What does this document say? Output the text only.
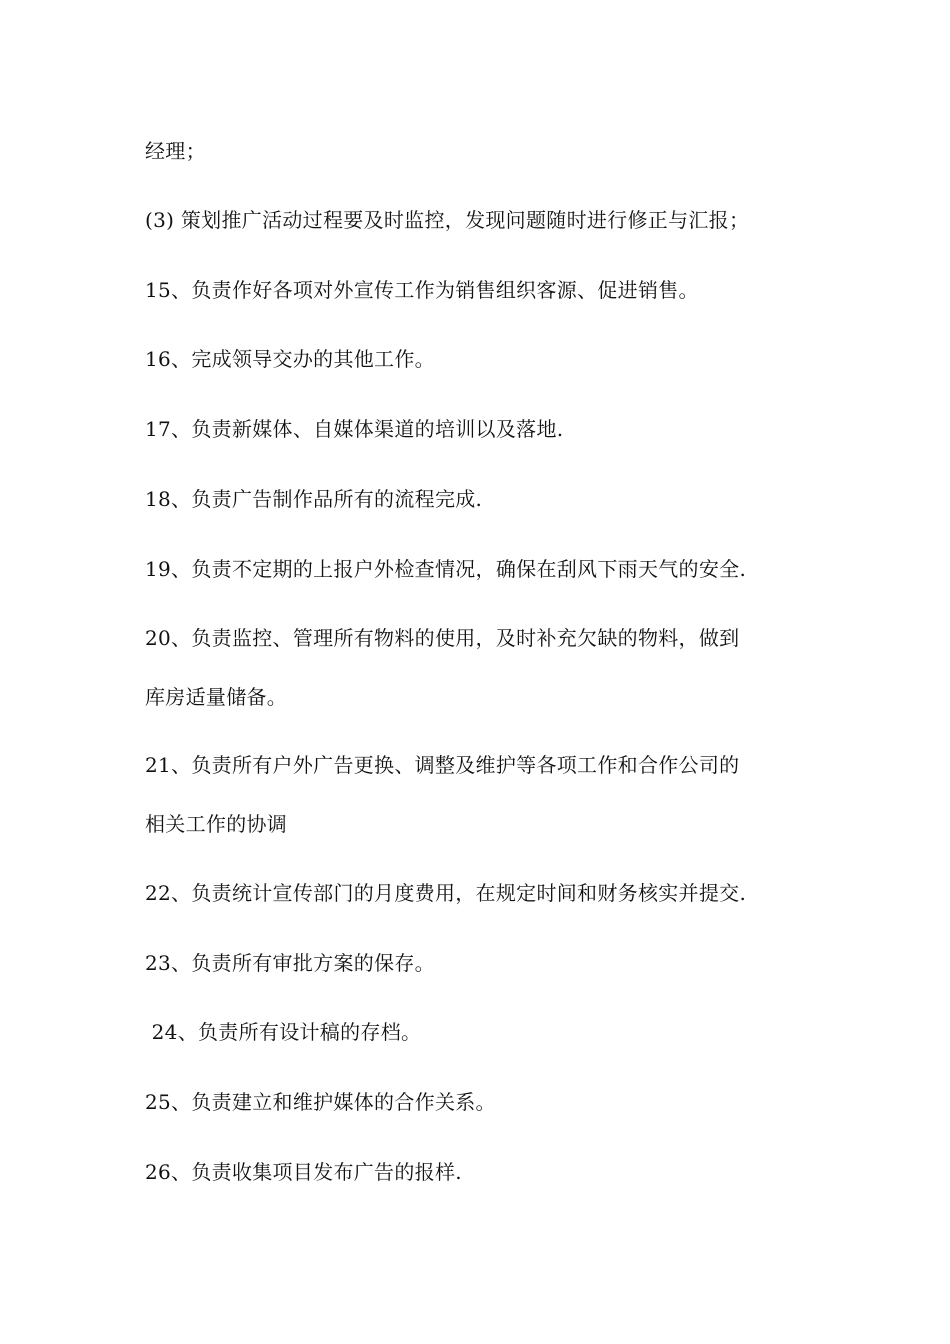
经理；
(3) 策划推广活动过程要及时监控，发现问题随时进行修正与汇报；
15、负责作好各项对外宣传工作为销售组织客源、促进销售。
16、完成领导交办的其他工作。
17、负责新媒体、自媒体渠道的培训以及落地.
18、负责广告制作品所有的流程完成.
19、负责不定期的上报户外检查情况，确保在刮风下雨天气的安全.
20、负责监控、管理所有物料的使用，及时补充欠缺的物料，做到
库房适量储备。
21、负责所有户外广告更换、调整及维护等各项工作和合作公司的
相关工作的协调
22、负责统计宣传部门的月度费用，在规定时间和财务核实并提交.
23、负责所有审批方案的保存。
24、负责所有设计稿的存档。
25、负责建立和维护媒体的合作关系。
26、负责收集项目发布广告的报样.
